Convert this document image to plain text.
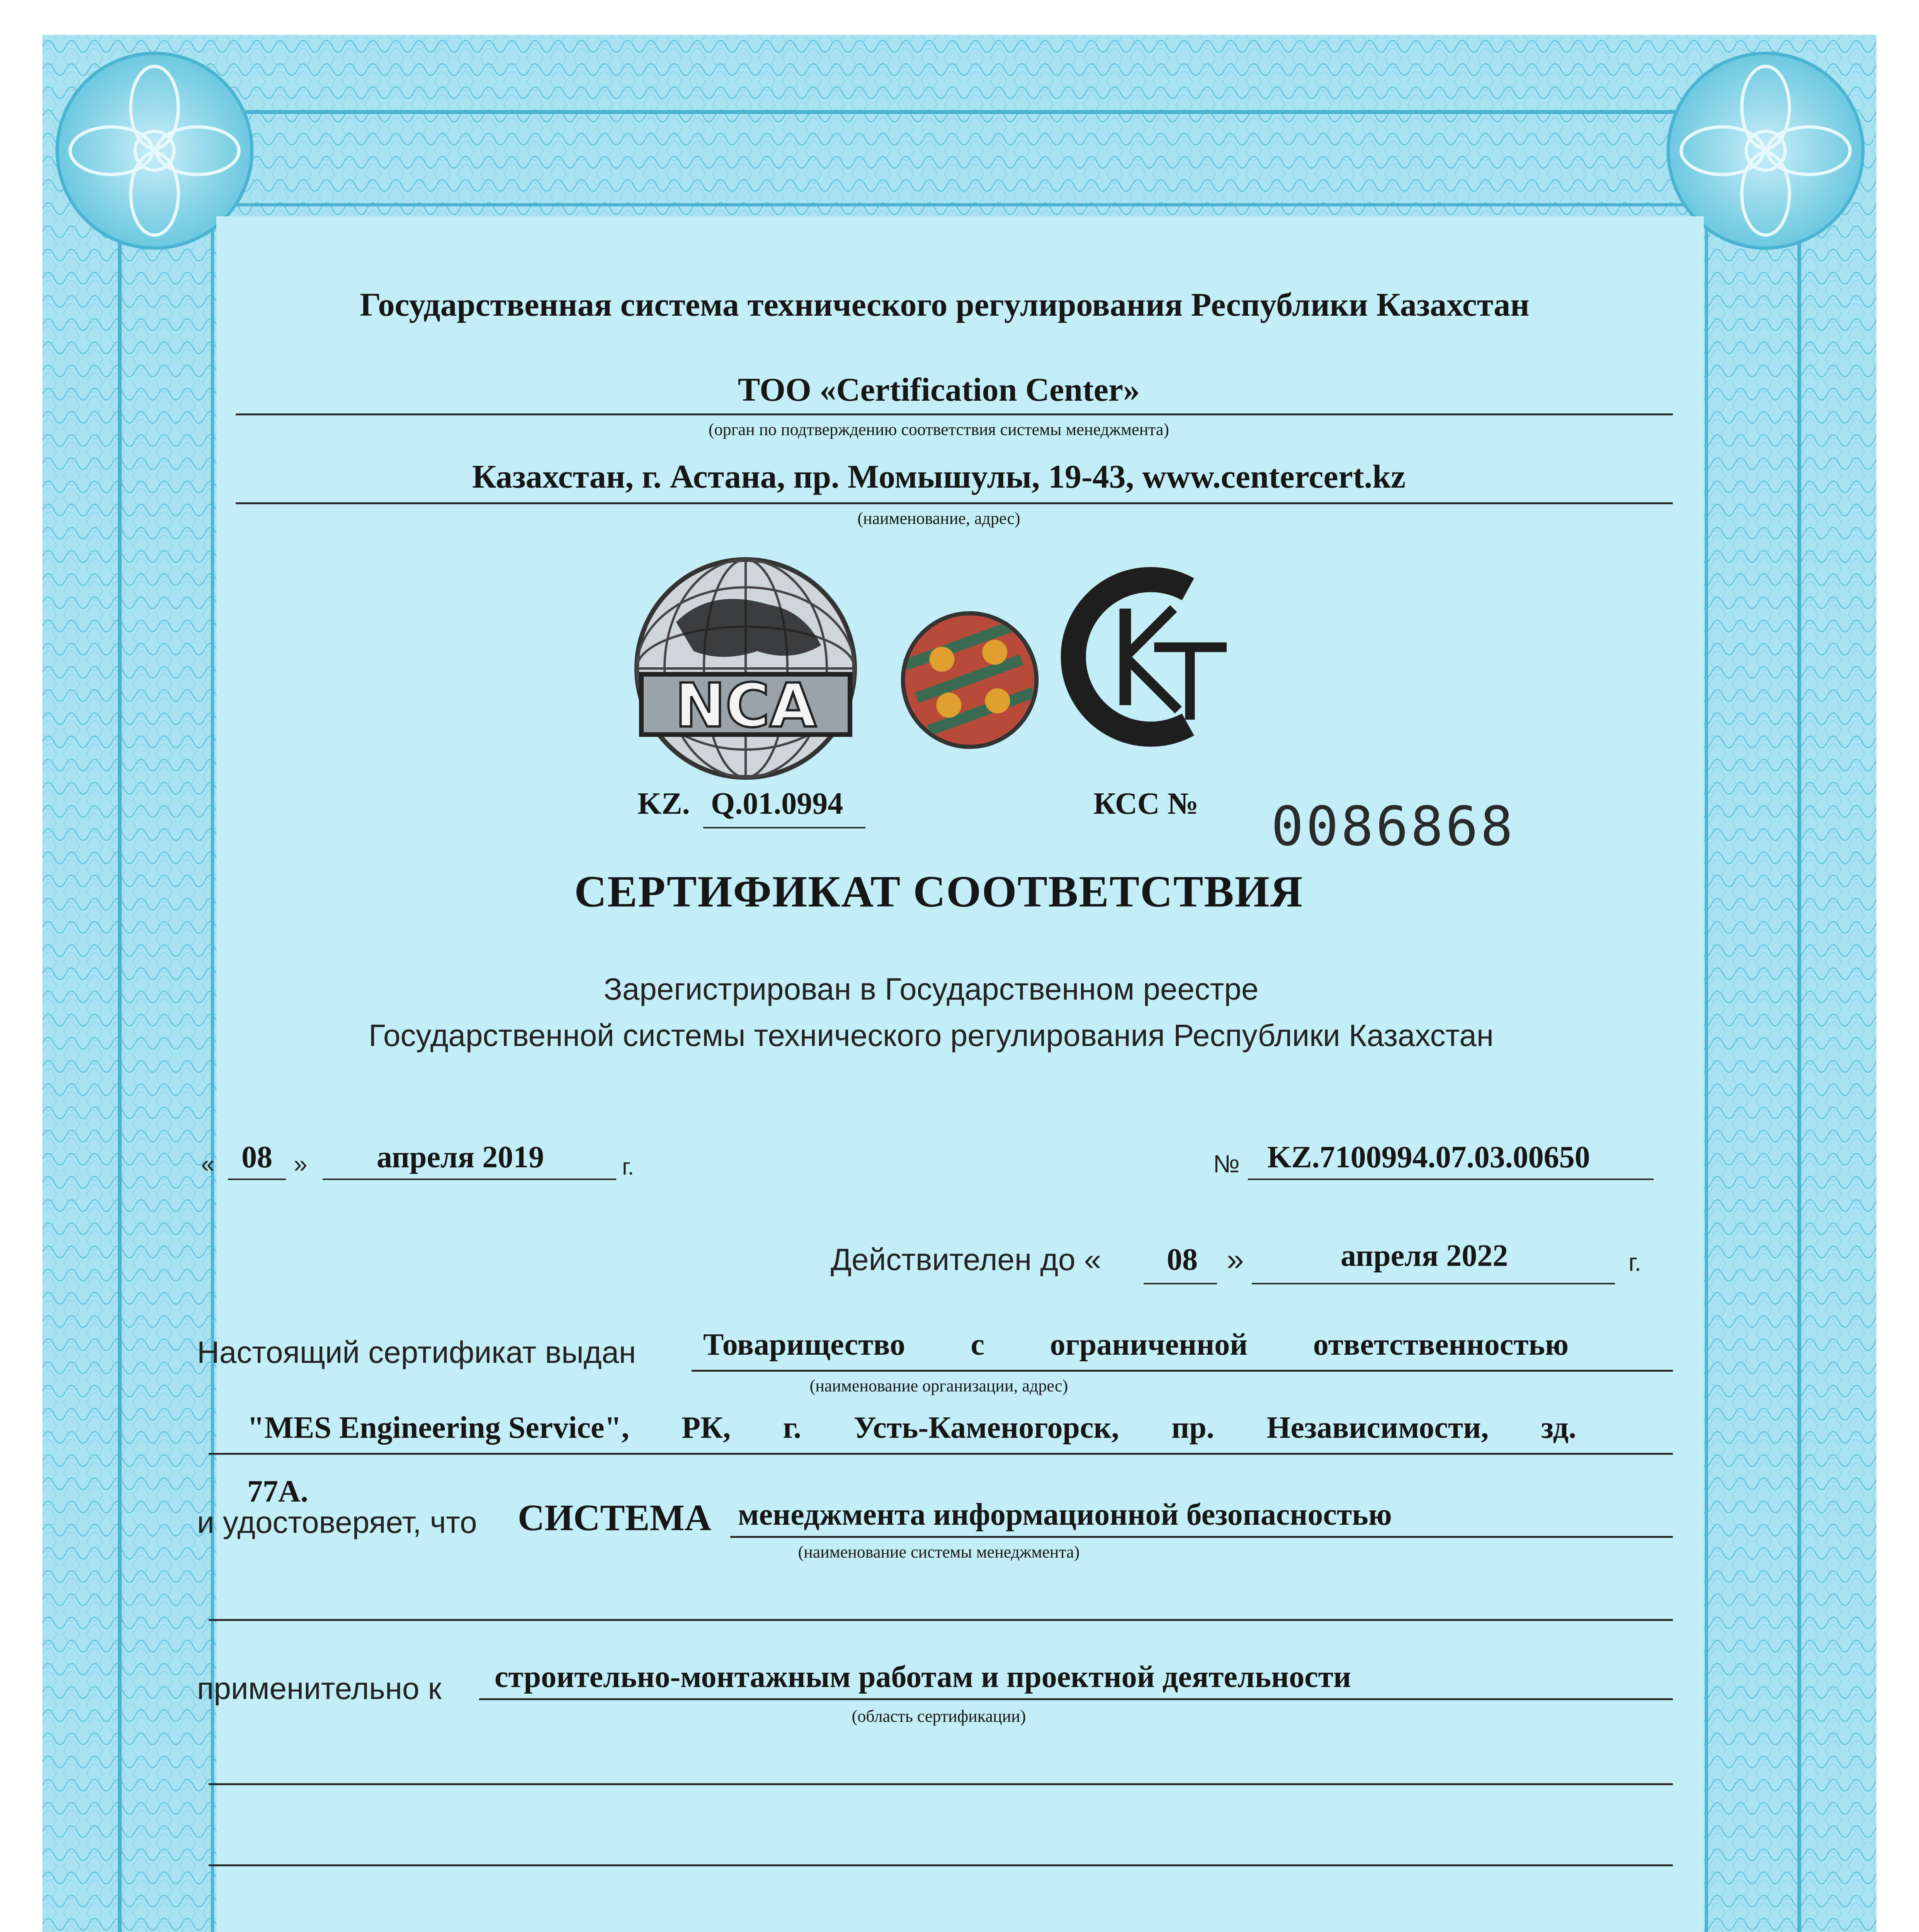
Государственная система технического регулирования Республики Казахстан
ТОО «Certification Center»
(орган по подтверждению соответствия системы менеджмента)
Казахстан, г. Астана, пр. Момышулы, 19-43, www.centercert.kz
(наименование, адрес)
NCA
KT
KZ. Q.01.0994	КСС № 0086868
СЕРТИФИКАТ СООТВЕТСТВИЯ
Зарегистрирован в Государственном реестре
Государственной системы технического регулирования Республики Казахстан
« 08 » апреля 2019	г.	№ KZ.7100994.07.03.00650
Действителен до « 08 »	апреля 2022	г.
Настоящий сертификат выдан Товарищество с ограниченной ответственностью
(наименование организации, адрес)
"MES Engineering Service", РК, г. Усть-Каменогорск, пр. Независимости, зд.
77А.
и удостоверяет, что СИСТЕМА менеджмента информационной безопасностью
(наименование системы менеджмента)
применительно к строительно-монтажным работам и проектной деятельности
(область сертификации)
